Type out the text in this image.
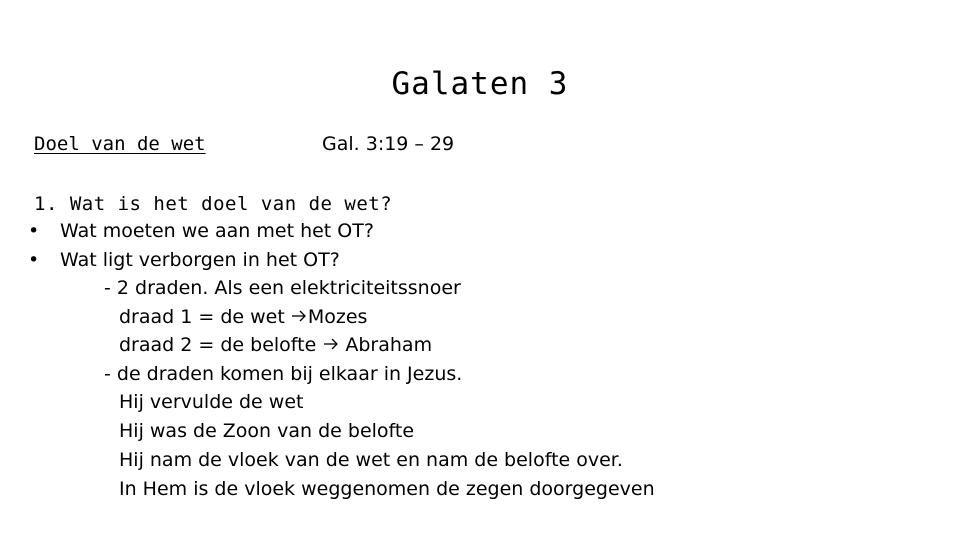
Galaten 3
Doel van de wet	Gal. 3:19 – 29
1. Wat is het doel van de wet?
• Wat moeten we aan met het OT?
• Wat ligt verborgen in het OT?
- 2 draden. Als een elektriciteitssnoer
draad 1 = de wet Mozes
draad 2 = de belofte  Abraham
- de draden komen bij elkaar in Jezus.
Hij vervulde de wet
Hij was de Zoon van de belofte
Hij nam de vloek van de wet en nam de belofte over.
In Hem is de vloek weggenomen de zegen doorgegeven
